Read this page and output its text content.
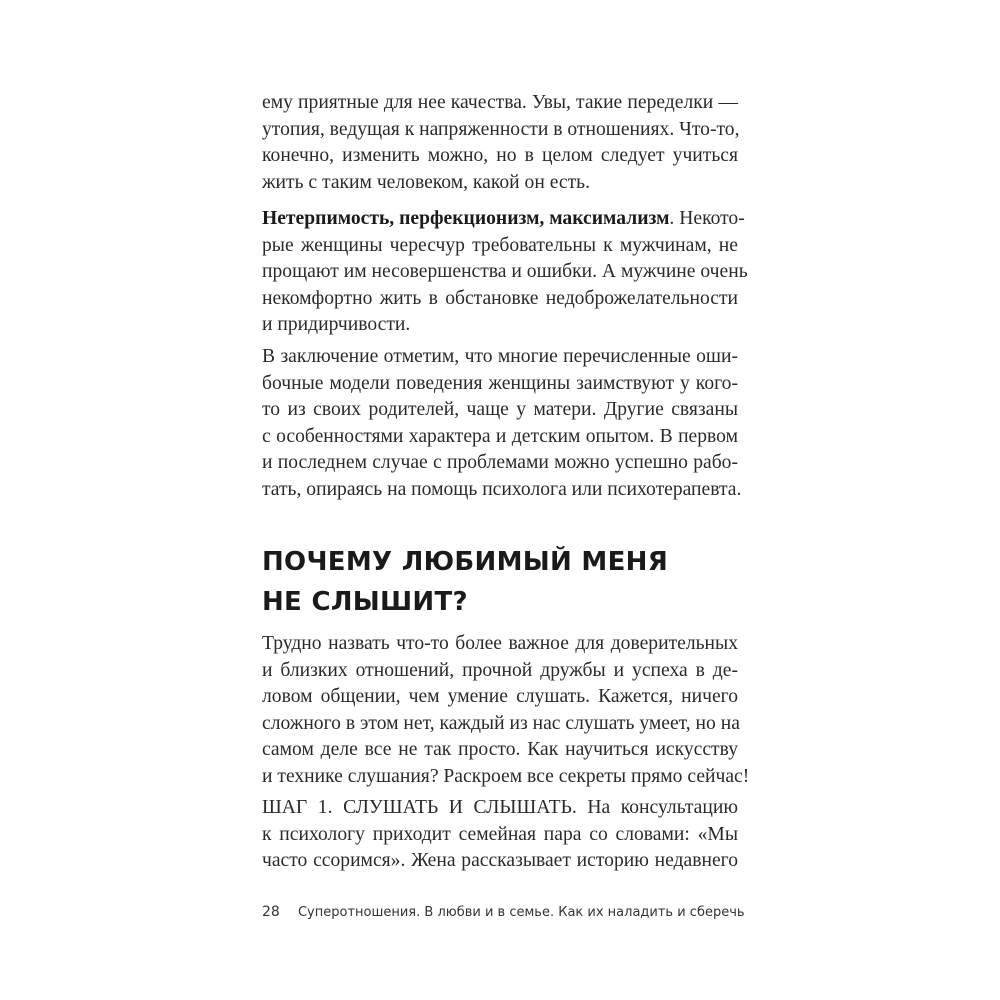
ему приятные для нее качества. Увы, такие переделки —
утопия, ведущая к напряженности в отношениях. Что-то,
конечно, изменить можно, но в целом следует учиться
жить с таким человеком, какой он есть.
Нетерпимость, перфекционизм, максимализм. Некото-
рые женщины чересчур требовательны к мужчинам, не
прощают им несовершенства и ошибки. А мужчине очень
некомфортно жить в обстановке недоброжелательности
и придирчивости.
В заключение отметим, что многие перечисленные оши-
бочные модели поведения женщины заимствуют у кого-
то из своих родителей, чаще у матери. Другие связаны
с особенностями характера и детским опытом. В первом
и последнем случае с проблемами можно успешно рабо-
тать, опираясь на помощь психолога или психотерапевта.
ПОЧЕМУ ЛЮБИМЫЙ МЕНЯ
НЕ СЛЫШИТ?
Трудно назвать что-то более важное для доверительных
и близких отношений, прочной дружбы и успеха в де-
ловом общении, чем умение слушать. Кажется, ничего
сложного в этом нет, каждый из нас слушать умеет, но на
самом деле все не так просто. Как научиться искусству
и технике слушания? Раскроем все секреты прямо сейчас!
ШАГ 1. СЛУШАТЬ И СЛЫШАТЬ. На консультацию
к психологу приходит семейная пара со словами: «Мы
часто ссоримся». Жена рассказывает историю недавнего
28 Суперотношения. В любви и в семье. Как их наладить и сберечь
